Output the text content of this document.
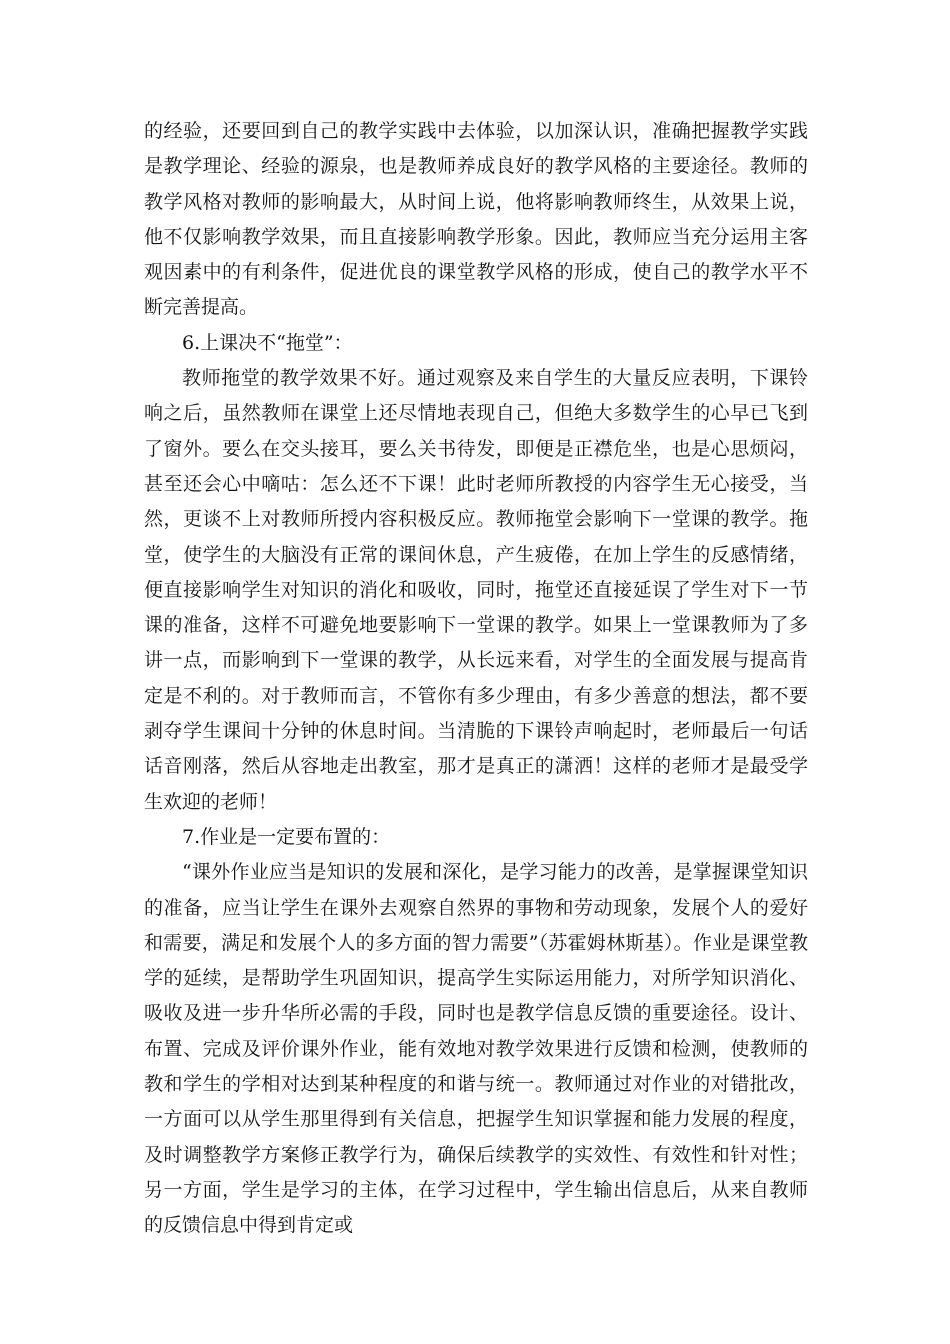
的经验，还要回到自己的教学实践中去体验，以加深认识，准确把握教学实践是教学理论、经验的源泉，也是教师养成良好的教学风格的主要途径。教师的教学风格对教师的影响最大，从时间上说，他将影响教师终生，从效果上说，他不仅影响教学效果，而且直接影响教学形象。因此，教师应当充分运用主客观因素中的有利条件，促进优良的课堂教学风格的形成，使自己的教学水平不断完善提高。

6.上课决不“拖堂”：

教师拖堂的教学效果不好。通过观察及来自学生的大量反应表明，下课铃响之后，虽然教师在课堂上还尽情地表现自己，但绝大多数学生的心早已飞到了窗外。要么在交头接耳，要么关书待发，即便是正襟危坐，也是心思烦闷，甚至还会心中嘀咕：怎么还不下课！此时老师所教授的内容学生无心接受，当然，更谈不上对教师所授内容积极反应。教师拖堂会影响下一堂课的教学。拖堂，使学生的大脑没有正常的课间休息，产生疲倦，在加上学生的反感情绪，便直接影响学生对知识的消化和吸收，同时，拖堂还直接延误了学生对下一节课的准备，这样不可避免地要影响下一堂课的教学。如果上一堂课教师为了多讲一点，而影响到下一堂课的教学，从长远来看，对学生的全面发展与提高肯定是不利的。对于教师而言，不管你有多少理由，有多少善意的想法，都不要剥夺学生课间十分钟的休息时间。当清脆的下课铃声响起时，老师最后一句话话音刚落，然后从容地走出教室，那才是真正的潇洒！这样的老师才是最受学生欢迎的老师！

7.作业是一定要布置的：

“课外作业应当是知识的发展和深化，是学习能力的改善，是掌握课堂知识的准备，应当让学生在课外去观察自然界的事物和劳动现象，发展个人的爱好和需要，满足和发展个人的多方面的智力需要”（苏霍姆林斯基）。作业是课堂教学的延续，是帮助学生巩固知识，提高学生实际运用能力，对所学知识消化、吸收及进一步升华所必需的手段，同时也是教学信息反馈的重要途径。设计、布置、完成及评价课外作业，能有效地对教学效果进行反馈和检测，使教师的教和学生的学相对达到某种程度的和谐与统一。教师通过对作业的对错批改，一方面可以从学生那里得到有关信息，把握学生知识掌握和能力发展的程度，及时调整教学方案修正教学行为，确保后续教学的实效性、有效性和针对性；另一方面，学生是学习的主体，在学习过程中，学生输出信息后，从来自教师的反馈信息中得到肯定或
